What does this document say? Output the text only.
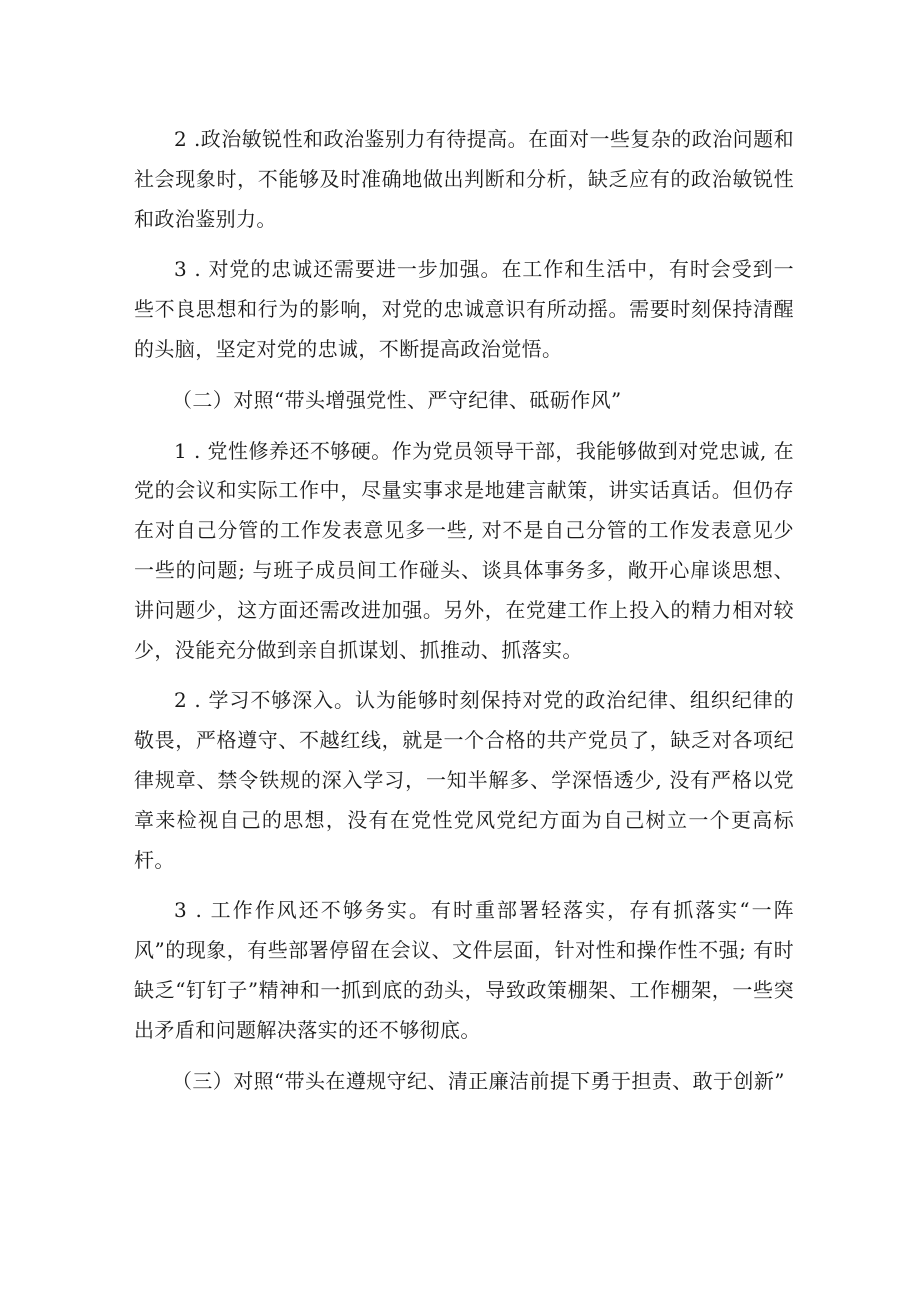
2 .政治敏锐性和政治鉴别力有待提高。在面对一些复杂的政治问题和社会现象时，不能够及时准确地做出判断和分析，缺乏应有的政治敏锐性和政治鉴别力。

3 . 对党的忠诚还需要进一步加强。在工作和生活中，有时会受到一些不良思想和行为的影响，对党的忠诚意识有所动摇。需要时刻保持清醒的头脑，坚定对党的忠诚，不断提高政治觉悟。

（二）对照“带头增强党性、严守纪律、砥砺作风”

1 . 党性修养还不够硬。作为党员领导干部，我能够做到对党忠诚, 在党的会议和实际工作中，尽量实事求是地建言献策，讲实话真话。但仍存在对自己分管的工作发表意见多一些, 对不是自己分管的工作发表意见少一些的问题; 与班子成员间工作碰头、谈具体事务多，敞开心扉谈思想、讲问题少，这方面还需改进加强。另外，在党建工作上投入的精力相对较少，没能充分做到亲自抓谋划、抓推动、抓落实。

2 . 学习不够深入。认为能够时刻保持对党的政治纪律、组织纪律的敬畏，严格遵守、不越红线，就是一个合格的共产党员了，缺乏对各项纪律规章、禁令铁规的深入学习，一知半解多、学深悟透少, 没有严格以党章来检视自己的思想，没有在党性党风党纪方面为自己树立一个更高标杆。

3 . 工作作风还不够务实。有时重部署轻落实，存有抓落实“一阵风”的现象，有些部署停留在会议、文件层面，针对性和操作性不强; 有时缺乏“钉钉子”精神和一抓到底的劲头，导致政策棚架、工作棚架，一些突出矛盾和问题解决落实的还不够彻底。

（三）对照“带头在遵规守纪、清正廉洁前提下勇于担责、敢于创新”
